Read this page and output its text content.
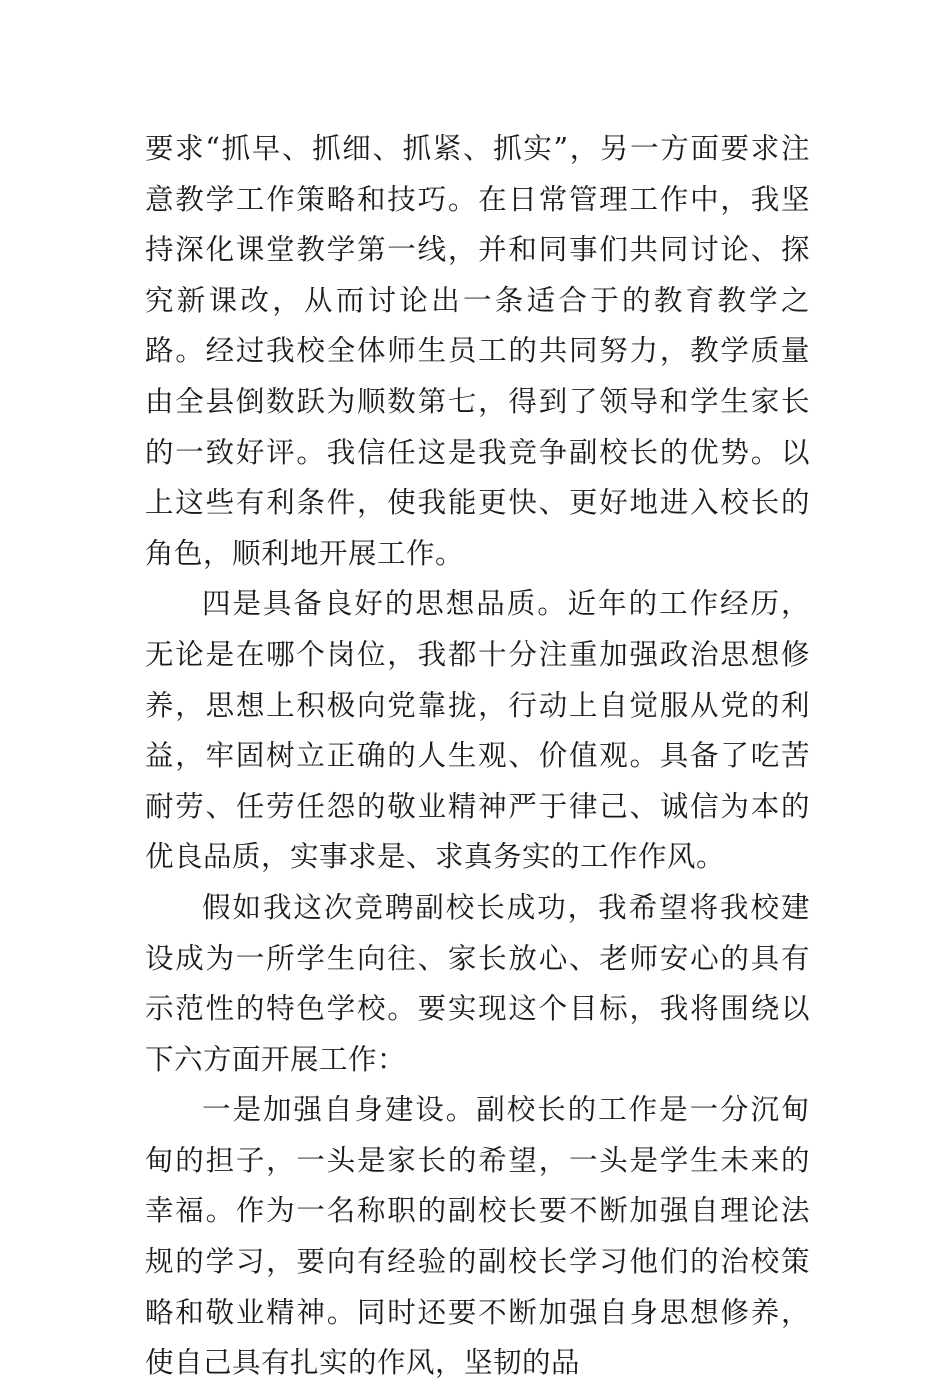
要求“抓早、抓细、抓紧、抓实”，另一方面要求注意教学工作策略和技巧。在日常管理工作中，我坚持深化课堂教学第一线，并和同事们共同讨论、探究新课改，从而讨论出一条适合于的教育教学之路。经过我校全体师生员工的共同努力，教学质量由全县倒数跃为顺数第七，得到了领导和学生家长的一致好评。我信任这是我竞争副校长的优势。以上这些有利条件，使我能更快、更好地进入校长的角色，顺利地开展工作。

四是具备良好的思想品质。近年的工作经历，无论是在哪个岗位，我都十分注重加强政治思想修养，思想上积极向党靠拢，行动上自觉服从党的利益，牢固树立正确的人生观、价值观。具备了吃苦耐劳、任劳任怨的敬业精神严于律己、诚信为本的优良品质，实事求是、求真务实的工作作风。

假如我这次竞聘副校长成功，我希望将我校建设成为一所学生向往、家长放心、老师安心的具有示范性的特色学校。要实现这个目标，我将围绕以下六方面开展工作：

一是加强自身建设。副校长的工作是一分沉甸甸的担子，一头是家长的希望，一头是学生未来的幸福。作为一名称职的副校长要不断加强自理论法规的学习，要向有经验的副校长学习他们的治校策略和敬业精神。同时还要不断加强自身思想修养，使自己具有扎实的作风，坚韧的品
